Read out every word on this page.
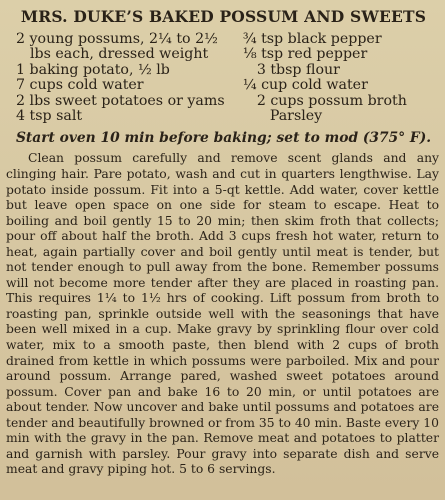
MRS. DUKE’S BAKED POSSUM AND SWEETS
2 young possums, 2¼ to 2½
lbs each, dressed weight
1 baking potato, ½ lb
7 cups cold water
2 lbs sweet potatoes or yams
4 tsp salt
¾ tsp black pepper
⅛ tsp red pepper
3 tbsp flour
¼ cup cold water
2 cups possum broth
Parsley
Start oven 10 min before baking; set to mod (375° F).

Clean possum carefully and remove scent glands and any clinging hair. Pare potato, wash and cut in quarters lengthwise. Lay potato inside possum. Fit into a 5-qt kettle. Add water, cover kettle but leave open space on one side for steam to escape. Heat to boiling and boil gently 15 to 20 min; then skim froth that collects; pour off about half the broth. Add 3 cups fresh hot water, return to heat, again partially cover and boil gently until meat is tender, but not tender enough to pull away from the bone. Remember possums will not become more tender after they are placed in roasting pan. This requires 1¼ to 1½ hrs of cooking. Lift possum from broth to roasting pan, sprinkle outside well with the seasonings that have been well mixed in a cup. Make gravy by sprinkling flour over cold water, mix to a smooth paste, then blend with 2 cups of broth drained from kettle in which possums were parboiled. Mix and pour around possum. Arrange pared, washed sweet potatoes around possum. Cover pan and bake 16 to 20 min, or until potatoes are about tender. Now uncover and bake until possums and potatoes are tender and beautifully browned or from 35 to 40 min. Baste every 10 min with the gravy in the pan. Remove meat and potatoes to platter and garnish with parsley. Pour gravy into separate dish and serve meat and gravy piping hot. 5 to 6 servings.
